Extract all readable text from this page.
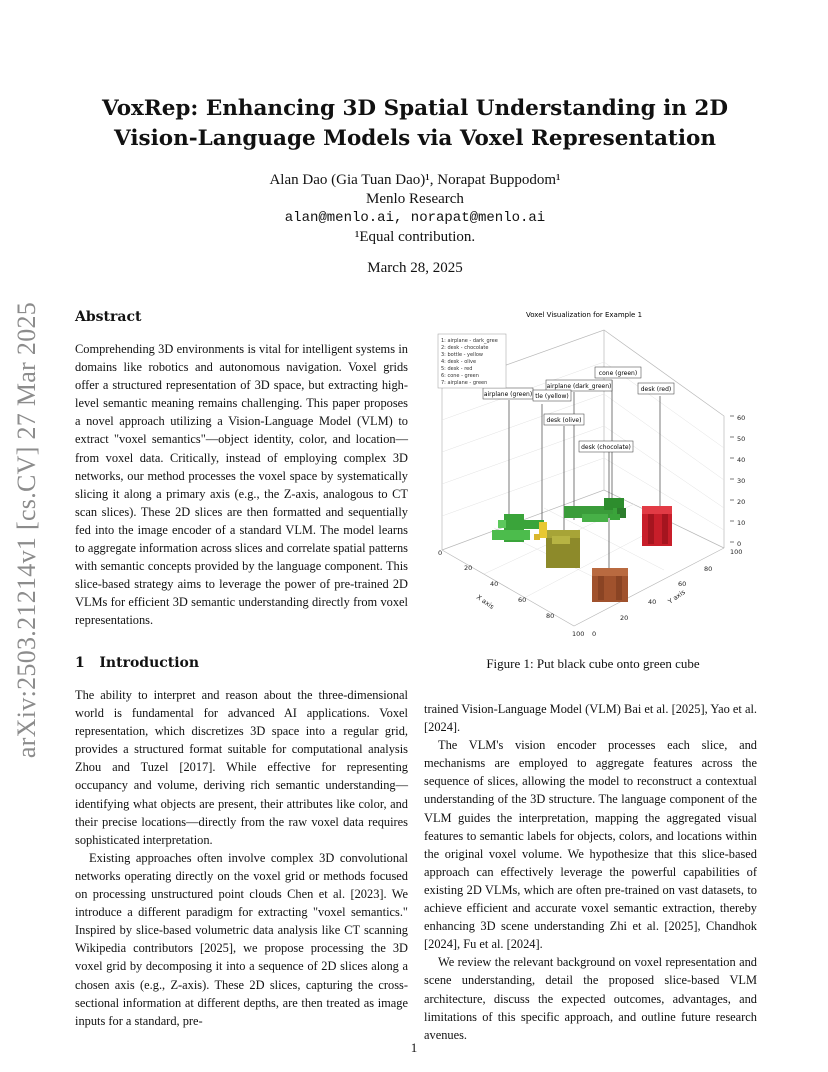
arXiv:2503.21214v1 [cs.CV] 27 Mar 2025
VoxRep: Enhancing 3D Spatial Understanding in 2D
Vision-Language Models via Voxel Representation
Alan Dao (Gia Tuan Dao)¹, Norapat Buppodom¹
Menlo Research
alan@menlo.ai, norapat@menlo.ai
¹Equal contribution.
March 28, 2025
Abstract
Comprehending 3D environments is vital for intelligent systems in domains like robotics and autonomous navigation. Voxel grids offer a structured representation of 3D space, but extracting high-level semantic meaning remains challenging. This paper proposes a novel approach utilizing a Vision-Language Model (VLM) to extract "voxel semantics"—object identity, color, and location—from voxel data. Critically, instead of employing complex 3D networks, our method processes the voxel space by systematically slicing it along a primary axis (e.g., the Z-axis, analogous to CT scan slices). These 2D slices are then formatted and sequentially fed into the image encoder of a standard VLM. The model learns to aggregate information across slices and correlate spatial patterns with semantic concepts provided by the language component. This slice-based strategy aims to leverage the power of pre-trained 2D VLMs for efficient 3D semantic understanding directly from voxel representations.
Voxel Visualization for Example 1
cone (green)
airplane (dark_green)	desk (red)
airplane (green) tle (yellow)
desk (olive)
desk (chocolate)
1: airplane - dark_gree
2: desk - chocolate
3: bottle - yellow
4: desk - olive
5: desk - red
6: cone - green
7: airplane - green
60
50
40
30
20
10
0
0
20
40
60
80
100
X axis
0
20
40
60
80
100
Y axis
Figure 1: Put black cube onto green cube
1 Introduction

The ability to interpret and reason about the three-dimensional world is fundamental for advanced AI applications. Voxel representation, which discretizes 3D space into a regular grid, provides a structured format suitable for computational analysis Zhou and Tuzel [2017]. While effective for representing occupancy and volume, deriving rich semantic understanding—identifying what objects are present, their attributes like color, and their precise locations—directly from the raw voxel data requires sophisticated interpretation.

Existing approaches often involve complex 3D convolutional networks operating directly on the voxel grid or methods focused on processing unstructured point clouds Chen et al. [2023]. We introduce a different paradigm for extracting "voxel semantics." Inspired by slice-based volumetric data analysis like CT scanning Wikipedia contributors [2025], we propose processing the 3D voxel grid by decomposing it into a sequence of 2D slices along a chosen axis (e.g., Z-axis). These 2D slices, capturing the cross-sectional information at different depths, are then treated as image inputs for a standard, pre-

trained Vision-Language Model (VLM) Bai et al. [2025], Yao et al. [2024].

The VLM's vision encoder processes each slice, and mechanisms are employed to aggregate features across the sequence of slices, allowing the model to reconstruct a contextual understanding of the 3D structure. The language component of the VLM guides the interpretation, mapping the aggregated visual features to semantic labels for objects, colors, and locations within the original voxel volume. We hypothesize that this slice-based approach can effectively leverage the powerful capabilities of existing 2D VLMs, which are often pre-trained on vast datasets, to achieve efficient and accurate voxel semantic extraction, thereby enhancing 3D scene understanding Zhi et al. [2025], Chandhok [2024], Fu et al. [2024].

We review the relevant background on voxel representation and scene understanding, detail the proposed slice-based VLM architecture, discuss the expected outcomes, advantages, and limitations of this specific approach, and outline future research avenues.

1
